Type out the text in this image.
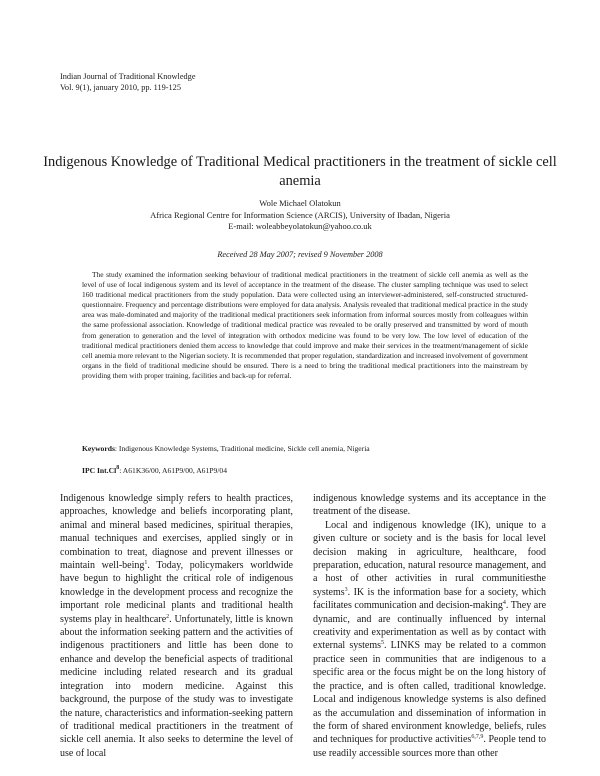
Indian Journal of Traditional Knowledge
Vol. 9(1), january 2010, pp. 119-125
Indigenous Knowledge of Traditional Medical practitioners in the treatment of sickle cell anemia
Wole Michael Olatokun
Africa Regional Centre for Information Science (ARCIS), University of Ibadan, Nigeria
E-mail: woleabbeyolatokun@yahoo.co.uk
Received 28 May 2007; revised 9 November 2008

The study examined the information seeking behaviour of traditional medical practitioners in the treatment of sickle cell anemia as well as the level of use of local indigenous system and its level of acceptance in the treatment of the disease. The cluster sampling technique was used to select 160 traditional medical practitioners from the study population. Data were collected using an interviewer-administered, self-constructed structured-questionnaire. Frequency and percentage distributions were employed for data analysis. Analysis revealed that traditional medical practice in the study area was male-dominated and majority of the traditional medical practitioners seek information from informal sources mostly from colleagues within the same professional association. Knowledge of traditional medical practice was revealed to be orally preserved and transmitted by word of mouth from generation to generation and the level of integration with orthodox medicine was found to be very low. The low level of education of the traditional medical practitioners denied them access to knowledge that could improve and make their services in the treatment/management of sickle cell anemia more relevant to the Nigerian society. It is recommended that proper regulation, standardization and increased involvement of government organs in the field of traditional medicine should be ensured. There is a need to bring the traditional medical practitioners into the mainstream by providing them with proper training, facilities and back-up for referral.

Keywords: Indigenous Knowledge Systems, Traditional medicine, Sickle cell anemia, Nigeria
IPC Int.Cl$^8$: A61K36/00, A61P9/00, A61P9/04

Indigenous knowledge simply refers to health practices, approaches, knowledge and beliefs incorporating plant, animal and mineral based medicines, spiritual therapies, manual techniques and exercises, applied singly or in combination to treat, diagnose and prevent illnesses or maintain well-being$^1$. Today, policymakers worldwide have begun to highlight the critical role of indigenous knowledge in the development process and recognize the important role medicinal plants and traditional health systems play in healthcare$^2$. Unfortunately, little is known about the information seeking pattern and the activities of indigenous practitioners and little has been done to enhance and develop the beneficial aspects of traditional medicine including related research and its gradual integration into modern medicine. Against this background, the purpose of the study was to investigate the nature, characteristics and information-seeking pattern of traditional medical practitioners in the treatment of sickle cell anemia. It also seeks to determine the level of use of local

indigenous knowledge systems and its acceptance in the treatment of the disease.

Local and indigenous knowledge (IK), unique to a given culture or society and is the basis for local level decision making in agriculture, healthcare, food preparation, education, natural resource management, and a host of other activities in rural communitiesthe systems$^3$. IK is the information base for a society, which facilitates communication and decision-making$^4$. They are dynamic, and are continually influenced by internal creativity and experimentation as well as by contact with external systems$^5$. LINKS may be related to a common practice seen in communities that are indigenous to a specific area or the focus might be on the long history of the practice, and is often called, traditional knowledge. Local and indigenous knowledge systems is also defined as the accumulation and dissemination of information in the form of shared environment knowledge, beliefs, rules and techniques for productive activities$^{6,7,9}$. People tend to use readily accessible sources more than other
